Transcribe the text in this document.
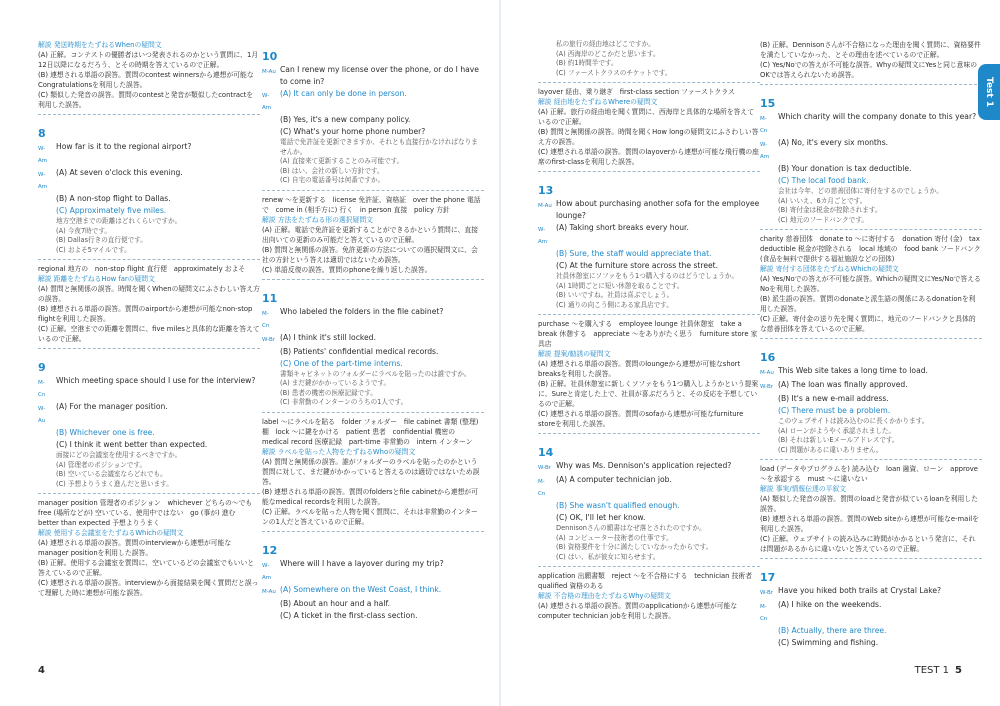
解説 発送時期をたずねるWhenの疑問文
(A) 正解。コンテストの優勝者はいつ発表されるのかという質問に、1月12日以降になるだろう、とその時期を答えているので正解。
(B) 連想される単語の誤答。質問のcontest winnersから連想が可能なCongratulationsを利用した誤答。
(C) 類似した発音の誤答。質問のcontestと発音が類似したcontractを利用した誤答。
8
W-Am
How far is it to the regional airport?
W-Am
(A) At seven o'clock this evening.
(B) A non-stop flight to Dallas.
(C) Approximately five miles.
地方空港までの距離はどれくらいですか。
(A) 今夜7時です。
(B) Dallas行きの直行便です。
(C) およそ5マイルです。
regional 地方の　non-stop flight 直行便　approximately およそ
解説 距離をたずねるHow farの疑問文
(A) 質問と無関係の誤答。時間を聞くWhenの疑問文にふさわしい答え方の誤答。
(B) 連想される単語の誤答。質問のairportから連想が可能なnon-stop flightを利用した誤答。
(C) 正解。空港までの距離を質問に、five milesと具体的な距離を答えているので正解。
9
M-Cn
Which meeting space should I use for the interview?
W-Au
(A) For the manager position.
(B) Whichever one is free.
(C) I think it went better than expected.
面接にどの会議室を使用するべきですか。
(A) 管理者のポジションです。
(B) 空いている会議室ならどれでも。
(C) 予想よりうまく進んだと思います。
manager position 管理者のポジション　whichever どちらの～でも　free (場所などが) 空いている、使用中ではない　go (事が) 進む　better than expected 予想よりうまく
解説 使用する会議室をたずねるWhichの疑問文
(A) 連想される単語の誤答。質問のinterviewから連想が可能なmanager positionを利用した誤答。
(B) 正解。使用する会議室を質問に、空いているどの会議室でもいいと答えているので正解。
(C) 連想される単語の誤答。interviewから面接結果を聞く質問だと誤って理解した時に連想が可能な誤答。
10
M-Au Can I renew my license over the phone, or do I have to come in?
W-Am
(A) It can only be done in person.
(B) Yes, it's a new company policy.
(C) What's your home phone number?
電話で免許証を更新できますか、それとも直接行かなければなりませんか。
(A) 直接来て更新することのみ可能です。
(B) はい、会社の新しい方針です。
(C) 自宅の電話番号は何番ですか。
renew ～を更新する　license 免許証、資格証　over the phone 電話で　come in (相手方に) 行く　in person 直接　policy 方針
解説 方法をたずねる形の選択疑問文
(A) 正解。電話で免許証を更新することができるかという質問に、直接出向いての更新のみ可能だと答えているので正解。
(B) 質問と無関係の誤答。免許更新の方法についての選択疑問文に、会社の方針という答えは適切ではないため誤答。
(C) 単語反復の誤答。質問のphoneを繰り返した誤答。
11
M-Cn
Who labeled the folders in the file cabinet?
W-Br (A) I think it's still locked.
(B) Patients' confidential medical records.
(C) One of the part-time interns.
書類キャビネットのフォルダーにラベルを貼ったのは誰ですか。
(A) まだ鍵がかかっているようです。
(B) 患者の機密の医療記録です。
(C) 非常勤のインターンのうちの1人です。
label ～にラベルを貼る　folder フォルダー　file cabinet 書類 (整理) 棚　lock ～に鍵をかける　patient 患者　confidential 機密の　medical record 医療記録　part-time 非常勤の　intern インターン
解説 ラベルを貼った人物をたずねるWhoの疑問文
(A) 質問と無関係の誤答。誰がフォルダーのラベルを貼ったのかという質問に対して、まだ鍵がかかっていると答えるのは適切ではないため誤答。
(B) 連想される単語の誤答。質問のfoldersとfile cabinetから連想が可能なmedical recordsを利用した誤答。
(C) 正解。ラベルを貼った人物を聞く質問に、それは非常勤のインターンの1人だと答えているので正解。
12
W-Am
Where will I have a layover during my trip?
M-Au (A) Somewhere on the West Coast, I think.
(B) About an hour and a half.
(C) A ticket in the first-class section.
私の旅行の経由地はどこですか。
(A) 西海岸のどこかだと思います。
(B) 約1時間半です。
(C) ファーストクラスのチケットです。
layover 経由、乗り継ぎ　first-class section ファーストクラス
解説 経由地をたずねるWhereの疑問文
(A) 正解。旅行の経由地を聞く質問に、西海岸と具体的な場所を答えているので正解。
(B) 質問と無関係の誤答。時間を聞くHow longの疑問文にふさわしい答え方の誤答。
(C) 連想される単語の誤答。質問のlayoverから連想が可能な飛行機の座席のfirst-classを利用した誤答。
13
M-Au How about purchasing another sofa for the employee lounge?
W-Am
(A) Taking short breaks every hour.
(B) Sure, the staff would appreciate that.
(C) At the furniture store across the street.
社員休憩室にソファをもう1つ購入するのはどうでしょうか。
(A) 1時間ごとに短い休憩を取ることです。
(B) いいですね。社員は喜ぶでしょう。
(C) 通りの向こう側にある家具店です。
purchase ～を購入する　employee lounge 社員休憩室　take a break 休憩する　appreciate ～をありがたく思う　furniture store 家具店
解説 提案/勧誘の疑問文
(A) 連想される単語の誤答。質問のloungeから連想が可能なshort breaksを利用した誤答。
(B) 正解。社員休憩室に新しくソファをもう1つ購入しようかという提案に、Sureと肯定した上で、社員が喜ぶだろうと、その反応を予想しているので正解。
(C) 連想される単語の誤答。質問のsofaから連想が可能なfurniture storeを利用した誤答。
14
W-Br Why was Ms. Dennison's application rejected?
M-Cn
(A) A computer technician job.
(B) She wasn't qualified enough.
(C) OK, I'll let her know.
Dennisonさんの願書はなぜ落とされたのですか。
(A) コンピューター技術者の仕事です。
(B) 資格要件を十分に満たしていなかったからです。
(C) はい、私が彼女に知らせます。
application 出願書類　reject ～を不合格にする　technician 技術者　qualified 資格のある
解説 不合格の理由をたずねるWhyの疑問文
(A) 連想される単語の誤答。質問のapplicationから連想が可能なcomputer technician jobを利用した誤答。
(B) 正解。Dennisonさんが不合格になった理由を聞く質問に、資格要件を満たしていなかった、とその理由を述べているので正解。
(C) Yes/Noでの答えが不可能な誤答。Whyの疑問文にYesと同じ意味のOKでは答えられないため誤答。
15
M-Cn
Which charity will the company donate to this year?
W-Am
(A) No, it's every six months.
(B) Your donation is tax deductible.
(C) The local food bank.
会社は今年、どの慈善団体に寄付をするのでしょうか。
(A) いいえ、6カ月ごとです。
(B) 寄付金は税金が控除されます。
(C) 地元のフードバンクです。
charity 慈善団体　donate to ～に寄付する　donation 寄付 (金)　tax deductible 税金が控除される　local 地域の　food bank フードバンク (食品を無料で提供する福祉施設などの団体)
解説 寄付する団体をたずねるWhichの疑問文
(A) Yes/Noでの答えが不可能な誤答。Whichの疑問文にYes/Noで答えるNoを利用した誤答。
(B) 派生語の誤答。質問のdonateと派生語の関係にあるdonationを利用した誤答。
(C) 正解。寄付金の送り先を聞く質問に、地元のフードバンクと具体的な慈善団体を答えているので正解。
16
M-Au This Web site takes a long time to load.
W-Br (A) The loan was finally approved.
(B) It's a new e-mail address.
(C) There must be a problem.
このウェブサイトは読み込むのに長くかかります。
(A) ローンがようやく承認されました。
(B) それは新しいEメールアドレスです。
(C) 問題があるに違いありません。
load (データやプログラムを) 読み込む　loan 融資、ローン　approve ～を承認する　must ～に違いない
解説 事実/情報伝達の平叙文
(A) 類似した発音の誤答。質問のloadと発音が似ているloanを利用した誤答。
(B) 連想される単語の誤答。質問のWeb siteから連想が可能なe-mailを利用した誤答。
(C) 正解。ウェブサイトの読み込みに時間がかかるという発言に、それは問題があるからに違いないと答えているので正解。
17
W-Br Have you hiked both trails at Crystal Lake?
M-Cn
(A) I hike on the weekends.
(B) Actually, there are three.
(C) Swimming and fishing.
4	TEST 1 5
Test 1
